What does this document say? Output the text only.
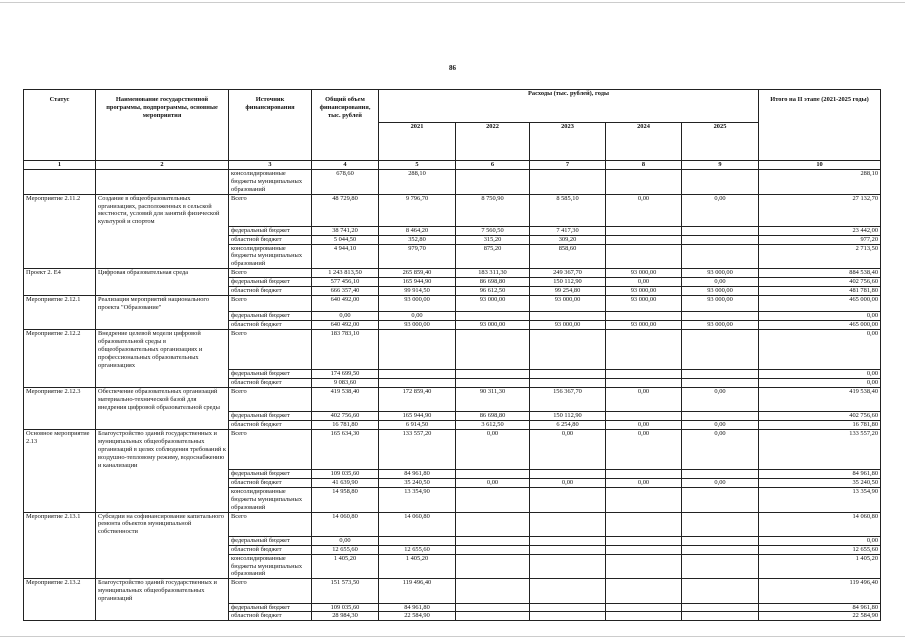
86
Статус	Наименование государственной программы, подпрограммы, основные мероприятия	Источник финансирования	Общий объем финансирования, тыс. рублей	Расходы (тыс. рублей), годы					Итого на II этапе (2021-2025 годы)
				2021	2022	2023	2024	2025	
1	2	3	4	5	6	7	8	9	10
		консолидированные бюджеты муниципальных образований	678,60	288,10					288,10
Мероприятие 2.11.2	Создание в общеобразовательных организациях, расположенных в сельской местности, условий для занятий физической культурой и спортом	Всего	48 729,80	9 796,70	8 750,90	8 585,10	0,00	0,00	27 132,70
		федеральный бюджет	38 741,20	8 464,20	7 560,50	7 417,30			23 442,00
		областной бюджет	5 044,50	352,80	315,20	309,20			977,20
		консолидированные бюджеты муниципальных образований	4 944,10	979,70	875,20	858,60			2 713,50
Проект 2. Е4	Цифровая образовательная среда	Всего	1 243 813,50	265 859,40	183 311,30	249 367,70	93 000,00	93 000,00	884 538,40
		федеральный бюджет	577 456,10	165 944,90	86 698,80	150 112,90	0,00	0,00	402 756,60
		областной бюджет	666 357,40	99 914,50	96 612,50	99 254,80	93 000,00	93 000,00	481 781,80
Мероприятие 2.12.1	Реализация мероприятий национального проекта "Образование"	Всего	640 492,00	93 000,00	93 000,00	93 000,00	93 000,00	93 000,00	465 000,00
		федеральный бюджет	0,00	0,00					0,00
		областной бюджет	640 492,00	93 000,00	93 000,00	93 000,00	93 000,00	93 000,00	465 000,00
Мероприятие 2.12.2	Внедрение целевой модели цифровой образовательной среды в общеобразовательных организациях и профессиональных образовательных организациях	Всего	183 783,10						0,00
		федеральный бюджет	174 699,50						0,00
		областной бюджет	9 083,60						0,00
Мероприятие 2.12.3	Обеспечение образовательных организаций материально-технической базой для внедрения цифровой образовательной среды	Всего	419 538,40	172 859,40	90 311,30	156 367,70	0,00	0,00	419 538,40
		федеральный бюджет	402 756,60	165 944,90	86 698,80	150 112,90			402 756,60
		областной бюджет	16 781,80	6 914,50	3 612,50	6 254,80	0,00	0,00	16 781,80
Основное мероприятие 2.13	Благоустройство зданий государственных и муниципальных общеобразовательных организаций в целях соблюдения требований к воздушно-тепловому режиму, водоснабжению и канализации	Всего	165 634,30	133 557,20	0,00	0,00	0,00	0,00	133 557,20
		федеральный бюджет	109 035,60	84 961,80					84 961,80
		областной бюджет	41 639,90	35 240,50	0,00	0,00	0,00	0,00	35 240,50
		консолидированные бюджеты муниципальных образований	14 958,80	13 354,90					13 354,90
Мероприятие 2.13.1	Субсидии на софинансирование капитального ремонта объектов муниципальной собственности	Всего	14 060,80	14 060,80					14 060,80
		федеральный бюджет	0,00						0,00
		областной бюджет	12 655,60	12 655,60					12 655,60
		консолидированные бюджеты муниципальных образований	1 405,20	1 405,20					1 405,20
Мероприятие 2.13.2	Благоустройство зданий государственных и муниципальных общеобразовательных организаций	Всего	151 573,50	119 496,40					119 496,40
		федеральный бюджет	109 035,60	84 961,80					84 961,80
		областной бюджет	28 984,30	22 584,90					22 584,90
